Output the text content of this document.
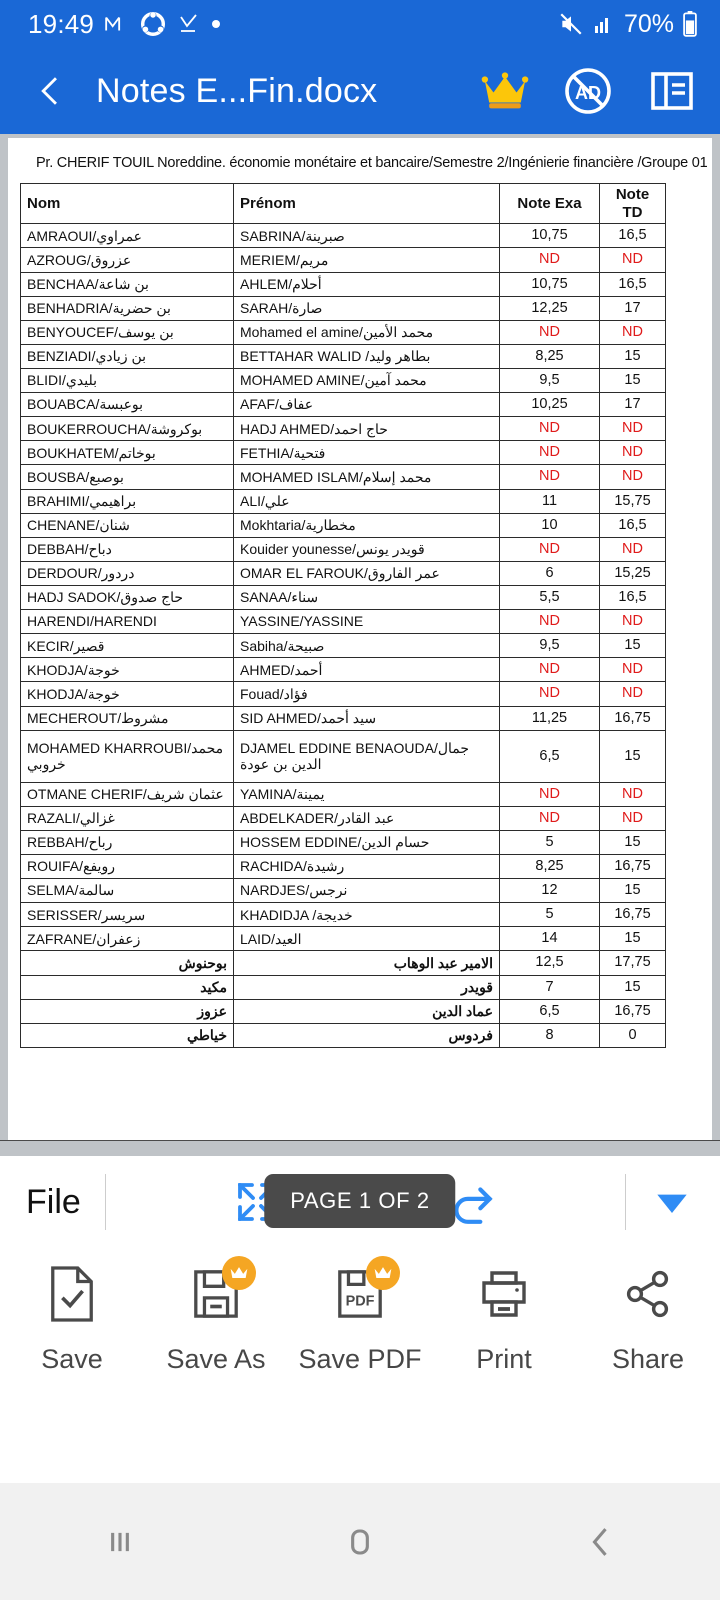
19:49	70%
Notes E...Fin.docx	AD
Pr. CHERIF TOUIL Noreddine. économie monétaire et bancaire/Semestre 2/Ingénierie financière /Groupe 01
Nom	Prénom	Note Exa	Note TD
AMRAOUI/عمراوي	SABRINA/صبرينة	10,75	16,5
AZROUG/عزروق	MERIEM/مريم	ND	ND
BENCHAA/بن شاعة	AHLEM/أحلام	10,75	16,5
BENHADRIA/بن حضرية	SARAH/صارة	12,25	17
BENYOUCEF/بن يوسف	Mohamed el amine/محمد الأمين	ND	ND
BENZIADI/بن زيادي	BETTAHAR WALID /بطاهر وليد	8,25	15
BLIDI/بليدي	MOHAMED AMINE/محمد آمين	9,5	15
BOUABCA/بوعبسة	AFAF/عفاف	10,25	17
BOUKERROUCHA/بوكروشة	HADJ AHMED/حاج احمد	ND	ND
BOUKHATEM/بوخاتم	FETHIA/فتحية	ND	ND
BOUSBA/بوصبع	MOHAMED ISLAM/محمد إسلام	ND	ND
BRAHIMI/براهيمي	ALI/علي	11	15,75
CHENANE/شنان	Mokhtaria/مخطارية	10	16,5
DEBBAH/دباح	Kouider younesse/قويدر يونس	ND	ND
DERDOUR/دردور	OMAR EL FAROUK/عمر الفاروق	6	15,25
HADJ SADOK/حاج صدوق	SANAA/سناء	5,5	16,5
HARENDI/HARENDI	YASSINE/YASSINE	ND	ND
KECIR/قصير	Sabiha/صبيحة	9,5	15
KHODJA/خوجة	AHMED/أحمد	ND	ND
KHODJA/خوجة	Fouad/فؤاد	ND	ND
MECHEROUT/مشروط	SID AHMED/سيد أحمد	11,25	16,75
MOHAMED KHARROUBI/محمد خروبي	DJAMEL EDDINE BENAOUDA/جمال الدين بن عودة	6,5	15
OTMANE CHERIF/عثمان شريف	YAMINA/يمينة	ND	ND
RAZALI/غزالي	ABDELKADER/عبد القادر	ND	ND
REBBAH/رباح	HOSSEM EDDINE/حسام الدين	5	15
ROUIFA/رويفع	RACHIDA/رشيدة	8,25	16,75
SELMA/سالمة	NARDJES/نرجس	12	15
SERISSER/سريسر	KHADIDJA /خديجة	5	16,75
ZAFRANE/زعفران	LAID/العيد	14	15
بوحنوش	الامير عبد الوهاب	12,5	17,75
مكيد	قويدر	7	15
عزوز	عماد الدين	6,5	16,75
خياطي	فردوس	8	0
PAGE 1 OF 2
File
Save Save As
PDF
Save PDF Print	Share
